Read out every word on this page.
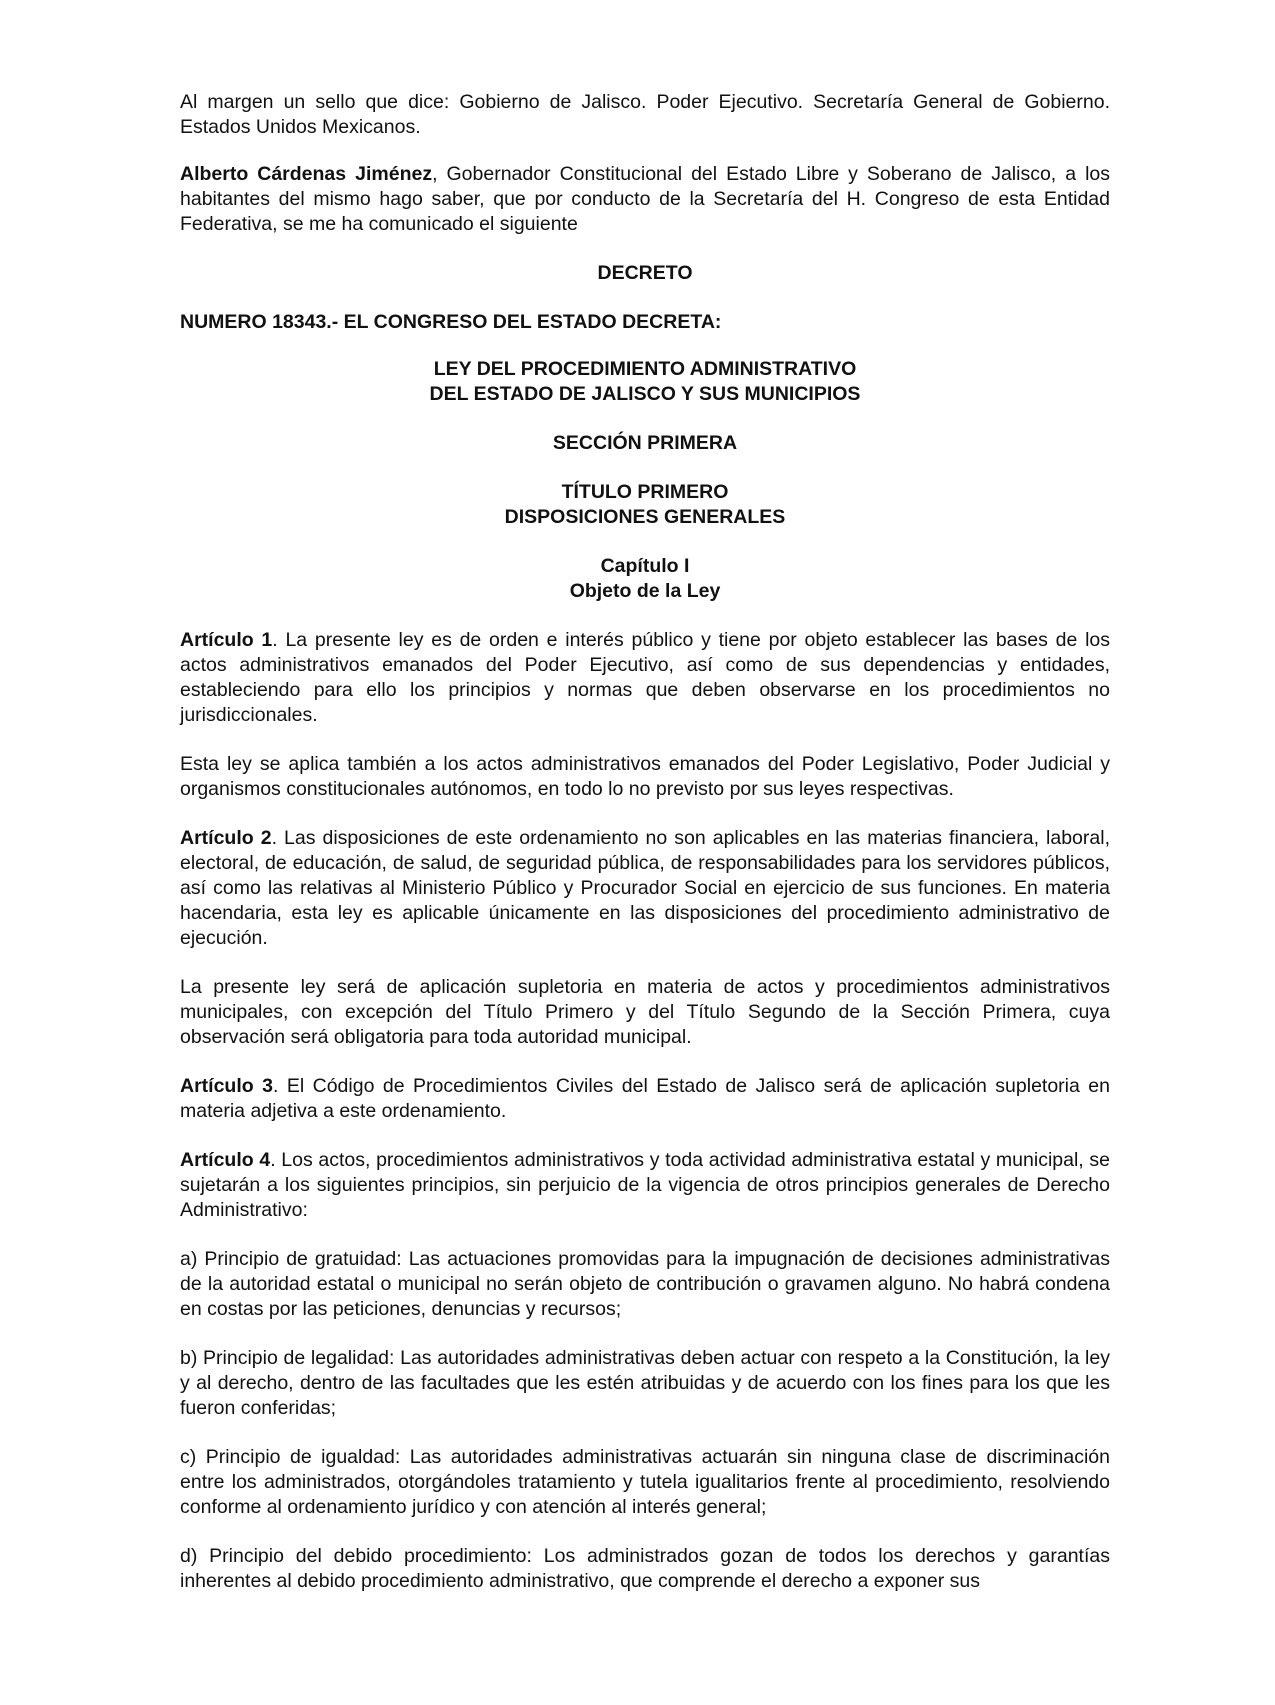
Al margen un sello que dice: Gobierno de Jalisco. Poder Ejecutivo. Secretaría General de Gobierno. Estados Unidos Mexicanos.

Alberto Cárdenas Jiménez, Gobernador Constitucional del Estado Libre y Soberano de Jalisco, a los habitantes del mismo hago saber, que por conducto de la Secretaría del H. Congreso de esta Entidad Federativa, se me ha comunicado el siguiente

DECRETO

NUMERO 18343.- EL CONGRESO DEL ESTADO DECRETA:

LEY DEL PROCEDIMIENTO ADMINISTRATIVO
DEL ESTADO DE JALISCO Y SUS MUNICIPIOS

SECCIÓN PRIMERA

TÍTULO PRIMERO
DISPOSICIONES GENERALES

Capítulo I
Objeto de la Ley

Artículo 1. La presente ley es de orden e interés público y tiene por objeto establecer las bases de los actos administrativos emanados del Poder Ejecutivo, así como de sus dependencias y entidades, estableciendo para ello los principios y normas que deben observarse en los procedimientos no jurisdiccionales.

Esta ley se aplica también a los actos administrativos emanados del Poder Legislativo, Poder Judicial y organismos constitucionales autónomos, en todo lo no previsto por sus leyes respectivas.

Artículo 2. Las disposiciones de este ordenamiento no son aplicables en las materias financiera, laboral, electoral, de educación, de salud, de seguridad pública, de responsabilidades para los servidores públicos, así como las relativas al Ministerio Público y Procurador Social en ejercicio de sus funciones. En materia hacendaria, esta ley es aplicable únicamente en las disposiciones del procedimiento administrativo de ejecución.

La presente ley será de aplicación supletoria en materia de actos y procedimientos administrativos municipales, con excepción del Título Primero y del Título Segundo de la Sección Primera, cuya observación será obligatoria para toda autoridad municipal.

Artículo 3. El Código de Procedimientos Civiles del Estado de Jalisco será de aplicación supletoria en materia adjetiva a este ordenamiento.

Artículo 4. Los actos, procedimientos administrativos y toda actividad administrativa estatal y municipal, se sujetarán a los siguientes principios, sin perjuicio de la vigencia de otros principios generales de Derecho Administrativo:

a) Principio de gratuidad: Las actuaciones promovidas para la impugnación de decisiones administrativas de la autoridad estatal o municipal no serán objeto de contribución o gravamen alguno. No habrá condena en costas por las peticiones, denuncias y recursos;

b) Principio de legalidad: Las autoridades administrativas deben actuar con respeto a la Constitución, la ley y al derecho, dentro de las facultades que les estén atribuidas y de acuerdo con los fines para los que les fueron conferidas;

c) Principio de igualdad: Las autoridades administrativas actuarán sin ninguna clase de discriminación entre los administrados, otorgándoles tratamiento y tutela igualitarios frente al procedimiento, resolviendo conforme al ordenamiento jurídico y con atención al interés general;

d) Principio del debido procedimiento: Los administrados gozan de todos los derechos y garantías inherentes al debido procedimiento administrativo, que comprende el derecho a exponer sus
